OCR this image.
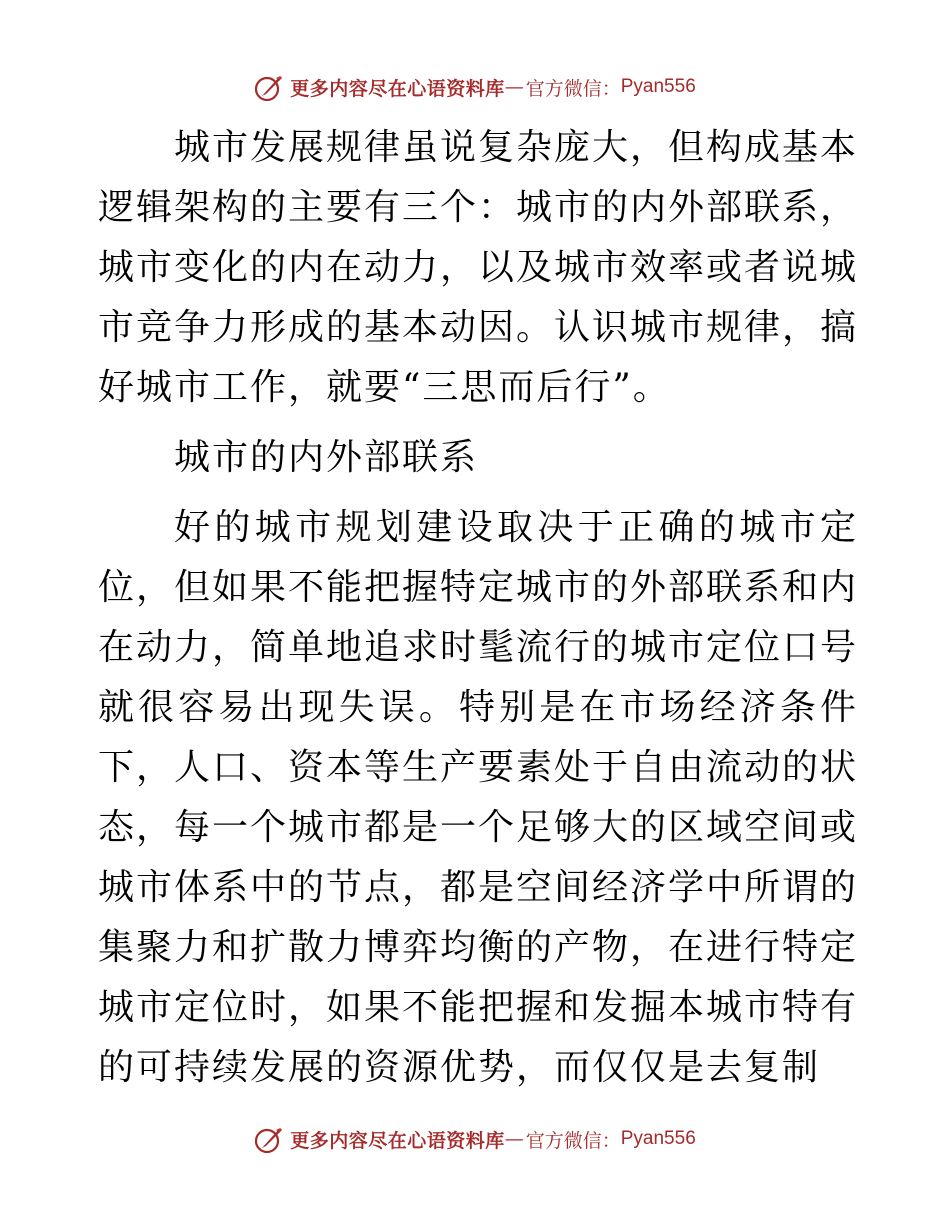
更多内容尽在心语资料库 — 官方微信： Pyan556

城市发展规律虽说复杂庞大，但构成基本逻辑架构的主要有三个：城市的内外部联系，城市变化的内在动力，以及城市效率或者说城市竞争力形成的基本动因。认识城市规律，搞好城市工作，就要“三思而后行”。

城市的内外部联系

好的城市规划建设取决于正确的城市定位，但如果不能把握特定城市的外部联系和内在动力，简单地追求时髦流行的城市定位口号就很容易出现失误。特别是在市场经济条件下，人口、资本等生产要素处于自由流动的状态，每一个城市都是一个足够大的区域空间或城市体系中的节点，都是空间经济学中所谓的集聚力和扩散力博弈均衡的产物，在进行特定城市定位时，如果不能把握和发掘本城市特有的可持续发展的资源优势，而仅仅是去复制

更多内容尽在心语资料库 — 官方微信： Pyan556
